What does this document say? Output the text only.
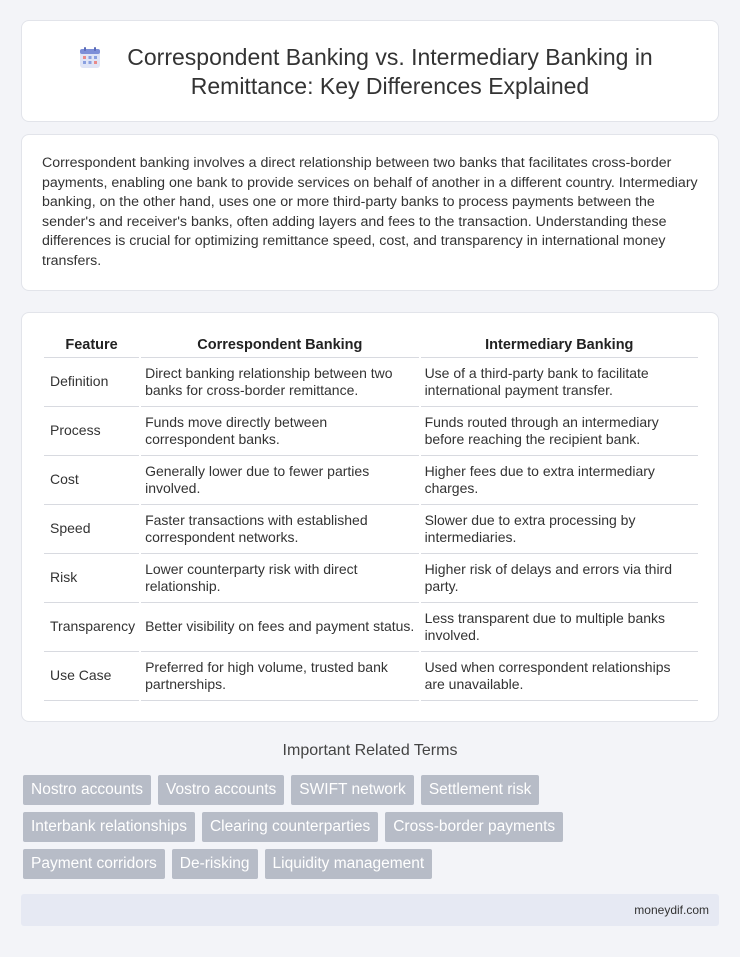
Correspondent Banking vs. Intermediary Banking in Remittance: Key Differences Explained

Correspondent banking involves a direct relationship between two banks that facilitates cross-border payments, enabling one bank to provide services on behalf of another in a different country. Intermediary banking, on the other hand, uses one or more third-party banks to process payments between the sender's and receiver's banks, often adding layers and fees to the transaction. Understanding these differences is crucial for optimizing remittance speed, cost, and transparency in international money transfers.

Feature	Correspondent Banking	Intermediary Banking
Definition	Direct banking relationship between two banks for cross-border remittance.	Use of a third-party bank to facilitate international payment transfer.
Process	Funds move directly between correspondent banks.	Funds routed through an intermediary before reaching the recipient bank.
Cost	Generally lower due to fewer parties involved.	Higher fees due to extra intermediary charges.
Speed	Faster transactions with established correspondent networks.	Slower due to extra processing by intermediaries.
Risk	Lower counterparty risk with direct relationship.	Higher risk of delays and errors via third party.
Transparency	Better visibility on fees and payment status.	Less transparent due to multiple banks involved.
Use Case	Preferred for high volume, trusted bank partnerships.	Used when correspondent relationships are unavailable.
Important Related Terms
Nostro accounts	Vostro accounts	SWIFT network	Settlement risk
Interbank relationships	Clearing counterparties	Cross-border payments
Payment corridors	De-risking	Liquidity management
moneydif.com
